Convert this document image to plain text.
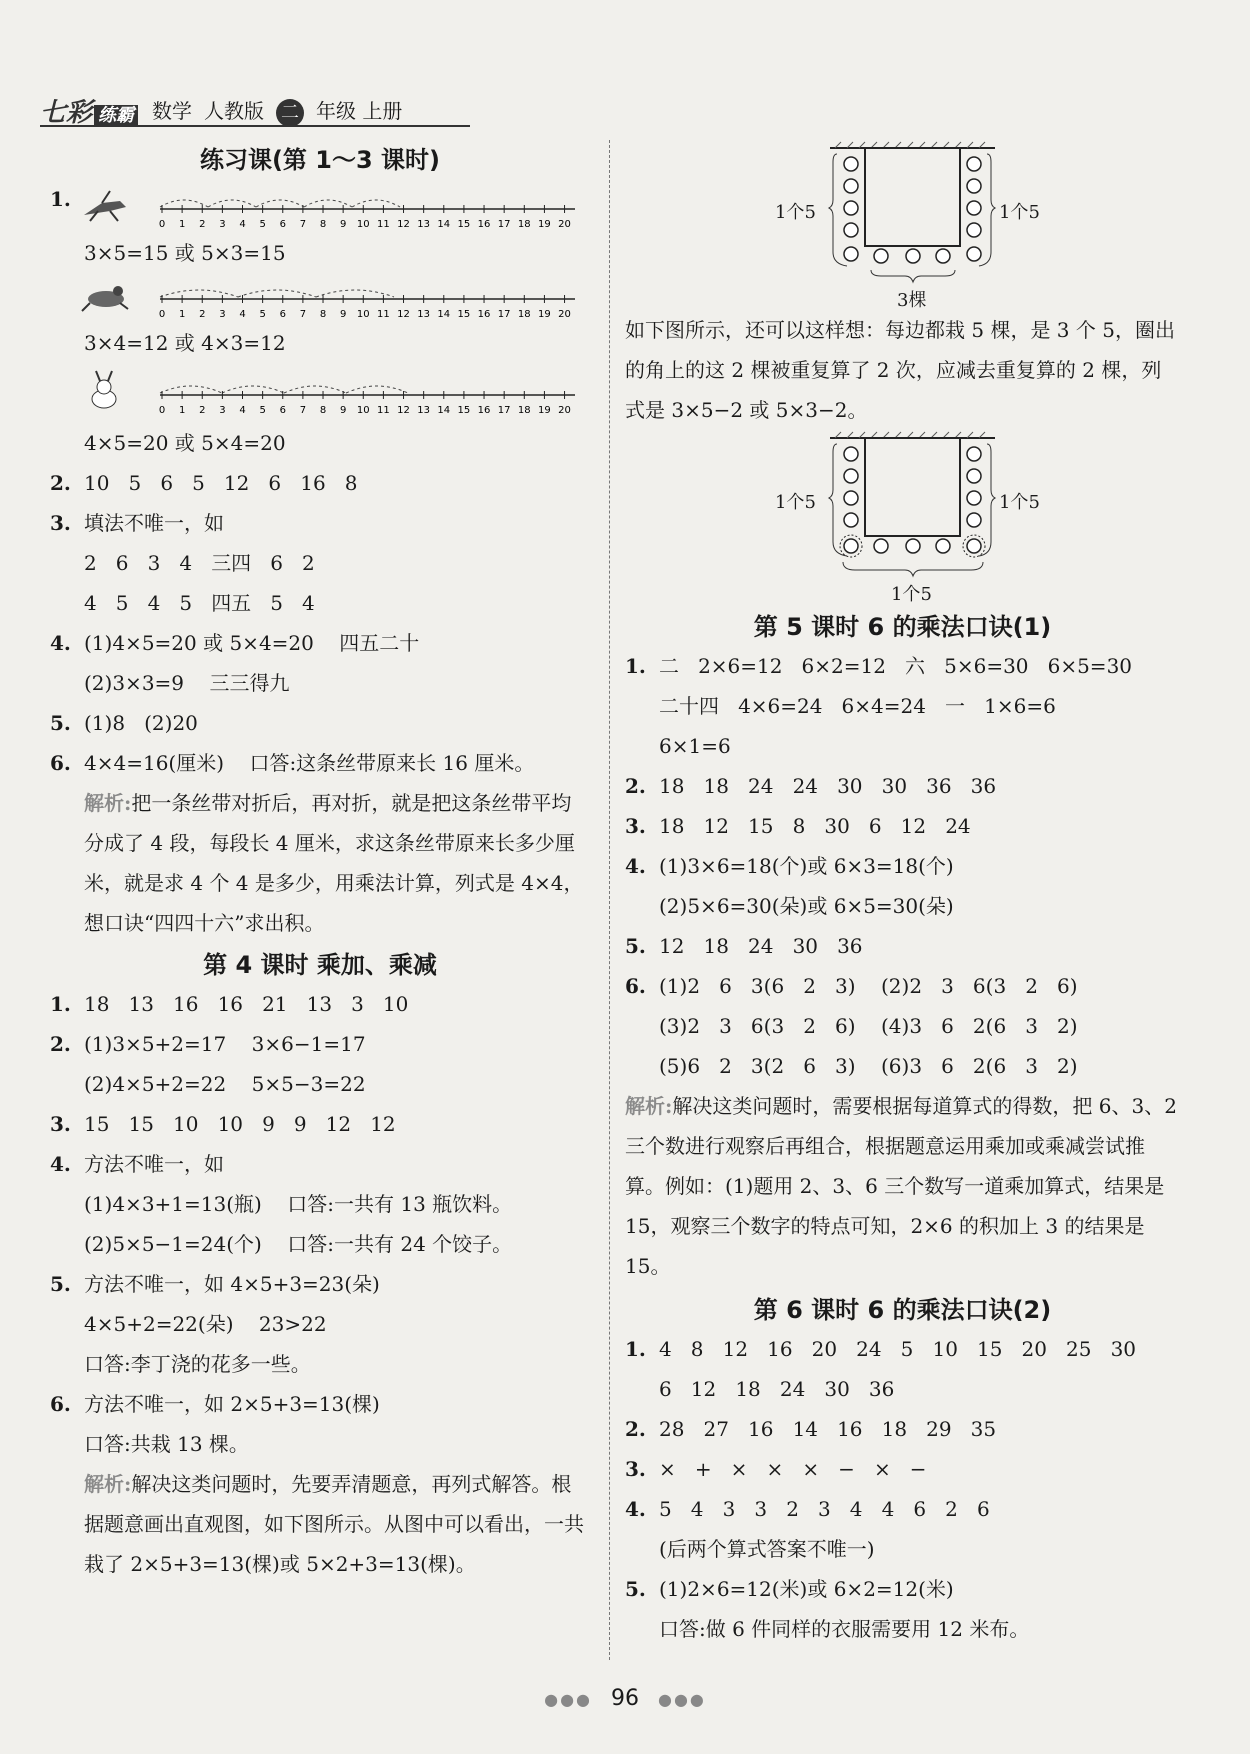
七彩 练霸 数学 人教版 二 年级 上册
练习课(第 1～3 课时)
1.
0 1 2 3 4 5 6 7 8 9 10 11 12 13 14 15 16 17 18 19 20
3×5=15 或 5×3=15
0 1 2 3 4 5 6 7 8 9 10 11 12 13 14 15 16 17 18 19 20
3×4=12 或 4×3=12
0 1 2 3 4 5 6 7 8 9 10 11 12 13 14 15 16 17 18 19 20
4×5=20 或 5×4=20
2. 10   5   6   5   12   6   16   8
3. 填法不唯一，如
2   6   3   4   三四   6   2
4   5   4   5   四五   5   4
4. (1)4×5=20 或 5×4=20    四五二十
(2)3×3=9    三三得九
5. (1)8   (2)20
6. 4×4=16(厘米)    口答:这条丝带原来长 16 厘米。
解析:把一条丝带对折后，再对折，就是把这条丝带平均分成了 4 段，每段长 4 厘米，求这条丝带原来长多少厘米，就是求 4 个 4 是多少，用乘法计算，列式是 4×4，想口诀“四四十六”求出积。
第 4 课时 乘加、乘减
1. 18   13   16   16   21   13   3   10
2. (1)3×5+2=17    3×6−1=17
(2)4×5+2=22    5×5−3=22
3. 15   15   10   10   9   9   12   12
4. 方法不唯一，如
(1)4×3+1=13(瓶)    口答:一共有 13 瓶饮料。
(2)5×5−1=24(个)    口答:一共有 24 个饺子。
5. 方法不唯一，如 4×5+3=23(朵)
4×5+2=22(朵)    23>22
口答:李丁浇的花多一些。
6. 方法不唯一，如 2×5+3=13(棵)
口答:共栽 13 棵。
解析:解决这类问题时，先要弄清题意，再列式解答。根据题意画出直观图，如下图所示。从图中可以看出，一共栽了 2×5+3=13(棵)或 5×2+3=13(棵)。
1个5	1个5
3棵
如下图所示，还可以这样想：每边都栽 5 棵，是 3 个 5，圈出的角上的这 2 棵被重复算了 2 次，应减去重复算的 2 棵，列式是 3×5−2 或 5×3−2。
1个5	1个5
1个5
第 5 课时 6 的乘法口诀(1)
1. 二   2×6=12   6×2=12   六   5×6=30   6×5=30
二十四   4×6=24   6×4=24   一   1×6=6
6×1=6
2. 18   18   24   24   30   30   36   36
3. 18   12   15   8   30   6   12   24
4. (1)3×6=18(个)或 6×3=18(个)
(2)5×6=30(朵)或 6×5=30(朵)
5. 12   18   24   30   36
6. (1)2   6   3(6   2   3)    (2)2   3   6(3   2   6)
(3)2   3   6(3   2   6)    (4)3   6   2(6   3   2)
(5)6   2   3(2   6   3)    (6)3   6   2(6   3   2)
解析:解决这类问题时，需要根据每道算式的得数，把 6、3、2 三个数进行观察后再组合，根据题意运用乘加或乘减尝试推算。例如：(1)题用 2、3、6 三个数写一道乘加算式，结果是 15，观察三个数字的特点可知，2×6 的积加上 3 的结果是 15。
第 6 课时 6 的乘法口诀(2)
1. 4   8   12   16   20   24   5   10   15   20   25   30
6   12   18   24   30   36
2. 28   27   16   14   16   18   29   35
3. ×   +   ×   ×   ×   −   ×   −
4. 5   4   3   3   2   3   4   4   6   2   6
(后两个算式答案不唯一)
5. (1)2×6=12(米)或 6×2=12(米)
口答:做 6 件同样的衣服需要用 12 米布。
●●● 96 ●●●
